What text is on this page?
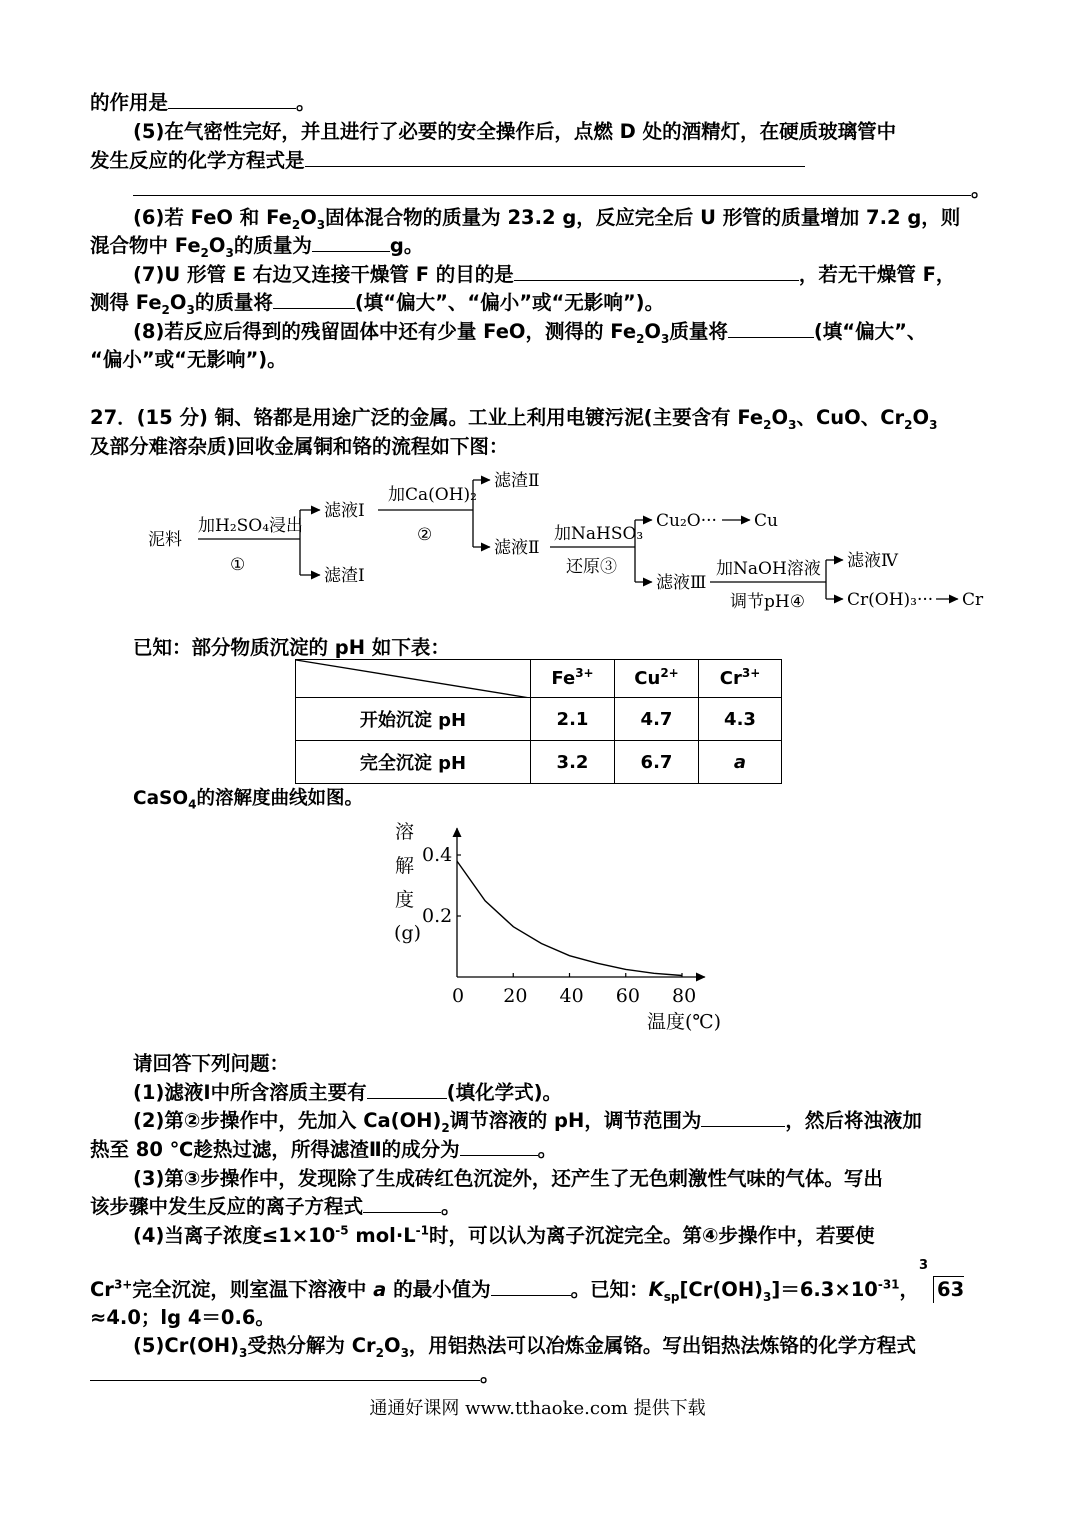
的作用是	。
(5)在气密性完好，并且进行了必要的安全操作后，点燃 D 处的酒精灯，在硬质玻璃管中
发生反应的化学方程式是
。
(6)若 FeO 和 $Fe_2O_3$固体混合物的质量为 23.2 g，反应完全后 U 形管的质量增加 7.2 g，则
混合物中 $Fe_2O_3$的质量为	g。
(7)U 形管 E 右边又连接干燥管 F 的目的是	，若无干燥管 F，
测得 $Fe_2O_3$的质量将	(填“偏大”、“偏小”或“无影响”)。
(8)若反应后得到的残留固体中还有少量 FeO，测得的 $Fe_2O_3$质量将	(填“偏大”、
“偏小”或“无影响”)。
27．(15 分) 铜、铬都是用途广泛的金属。工业上利用电镀污泥(主要含有 $Fe_2O_3$、CuO、$Cr_2O_3$
及部分难溶杂质)回收金属铜和铬的流程如下图：
泥料
加H₂SO₄浸出
①
滤液Ⅰ
滤渣Ⅰ
加Ca(OH)₂
②
滤渣Ⅱ
滤液Ⅱ
加NaHSO₃
还原③
Cu₂O··· Cu
滤液Ⅲ
加NaOH溶液
调节pH④
滤液Ⅳ
Cr(OH)₃··· Cr
已知：部分物质沉淀的 pH 如下表：
	$Fe^{3+}$	$Cu^{2+}$	$Cr^{3+}$
开始沉淀 pH	2.1	4.7	4.3
完全沉淀 pH	3.2	6.7	a
CaSO$_4$的溶解度曲线如图。
溶
解
度
(g)
0 20 40 60 80
0.4
0.2
温度(℃)
请回答下列问题：
(1)滤液Ⅰ中所含溶质主要有	(填化学式)。
(2)第②步操作中，先加入 $Ca(OH)_2$调节溶液的 pH，调节范围为	，然后将浊液加
热至 80 ℃趁热过滤，所得滤渣Ⅱ的成分为	。
(3)第③步操作中，发现除了生成砖红色沉淀外，还产生了无色刺激性气味的气体。写出
该步骤中发生反应的离子方程式	。
(4)当离子浓度$\le 1\times 10^{-5}$ $mol\cdot L^{-1}$时，可以认为离子沉淀完全。第④步操作中，若要使
$Cr^{3+}$完全沉淀，则室温下溶液中 a 的最小值为	。已知：$K_{sp}[Cr(OH)_3]=6.3\times 10^{-31}$，
3
63
≈4.0；lg 4＝0.6。
$(5)Cr(OH)_3$受热分解为 $Cr_2O_3$，用铝热法可以冶炼金属铬。写出铝热法炼铬的化学方程式
。
通通好课网 www.tthaoke.com 提供下载
